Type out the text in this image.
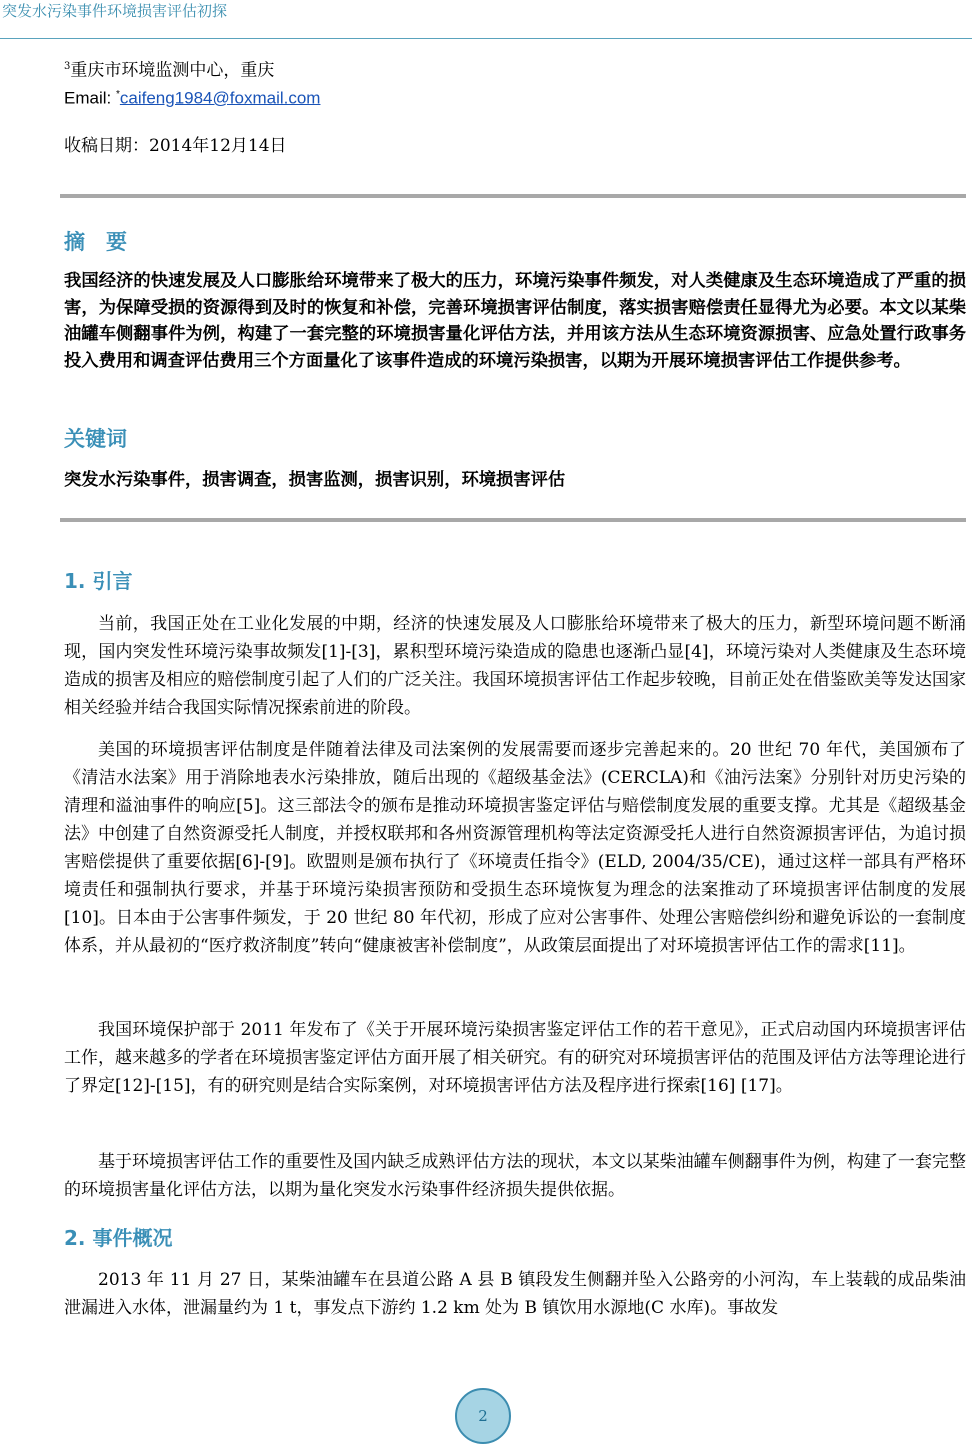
突发水污染事件环境损害评估初探
$^3$重庆市环境监测中心，重庆
Email: *caifeng1984@foxmail.com
收稿日期：2014年12月14日
摘　要
我国经济的快速发展及人口膨胀给环境带来了极大的压力，环境污染事件频发，对人类健康及生态环境造成了严重的损害，为保障受损的资源得到及时的恢复和补偿，完善环境损害评估制度，落实损害赔偿责任显得尤为必要。本文以某柴油罐车侧翻事件为例，构建了一套完整的环境损害量化评估方法，并用该方法从生态环境资源损害、应急处置行政事务投入费用和调查评估费用三个方面量化了该事件造成的环境污染损害，以期为开展环境损害评估工作提供参考。
关键词
突发水污染事件，损害调查，损害监测，损害识别，环境损害评估
1. 引言

当前，我国正处在工业化发展的中期，经济的快速发展及人口膨胀给环境带来了极大的压力，新型环境问题不断涌现，国内突发性环境污染事故频发[1]-[3]，累积型环境污染造成的隐患也逐渐凸显[4]，环境污染对人类健康及生态环境造成的损害及相应的赔偿制度引起了人们的广泛关注。我国环境损害评估工作起步较晚，目前正处在借鉴欧美等发达国家相关经验并结合我国实际情况探索前进的阶段。

美国的环境损害评估制度是伴随着法律及司法案例的发展需要而逐步完善起来的。20 世纪 70 年代，美国颁布了《清洁水法案》用于消除地表水污染排放，随后出现的《超级基金法》(CERCLA)和《油污法案》分别针对历史污染的清理和溢油事件的响应[5]。这三部法令的颁布是推动环境损害鉴定评估与赔偿制度发展的重要支撑。尤其是《超级基金法》中创建了自然资源受托人制度，并授权联邦和各州资源管理机构等法定资源受托人进行自然资源损害评估，为追讨损害赔偿提供了重要依据[6]-[9]。欧盟则是颁布执行了《环境责任指令》(ELD, 2004/35/CE)，通过这样一部具有严格环境责任和强制执行要求，并基于环境污染损害预防和受损生态环境恢复为理念的法案推动了环境损害评估制度的发展[10]。日本由于公害事件频发，于 20 世纪 80 年代初，形成了应对公害事件、处理公害赔偿纠纷和避免诉讼的一套制度体系，并从最初的“医疗救济制度”转向“健康被害补偿制度”，从政策层面提出了对环境损害评估工作的需求[11]。

我国环境保护部于 2011 年发布了《关于开展环境污染损害鉴定评估工作的若干意见》，正式启动国内环境损害评估工作，越来越多的学者在环境损害鉴定评估方面开展了相关研究。有的研究对环境损害评估的范围及评估方法等理论进行了界定[12]-[15]，有的研究则是结合实际案例，对环境损害评估方法及程序进行探索[16] [17]。

基于环境损害评估工作的重要性及国内缺乏成熟评估方法的现状，本文以某柴油罐车侧翻事件为例，构建了一套完整的环境损害量化评估方法，以期为量化突发水污染事件经济损失提供依据。

2. 事件概况

2013 年 11 月 27 日，某柴油罐车在县道公路 A 县 B 镇段发生侧翻并坠入公路旁的小河沟，车上装载的成品柴油泄漏进入水体，泄漏量约为 1 t，事发点下游约 1.2 km 处为 B 镇饮用水源地(C 水库)。事故发

2
